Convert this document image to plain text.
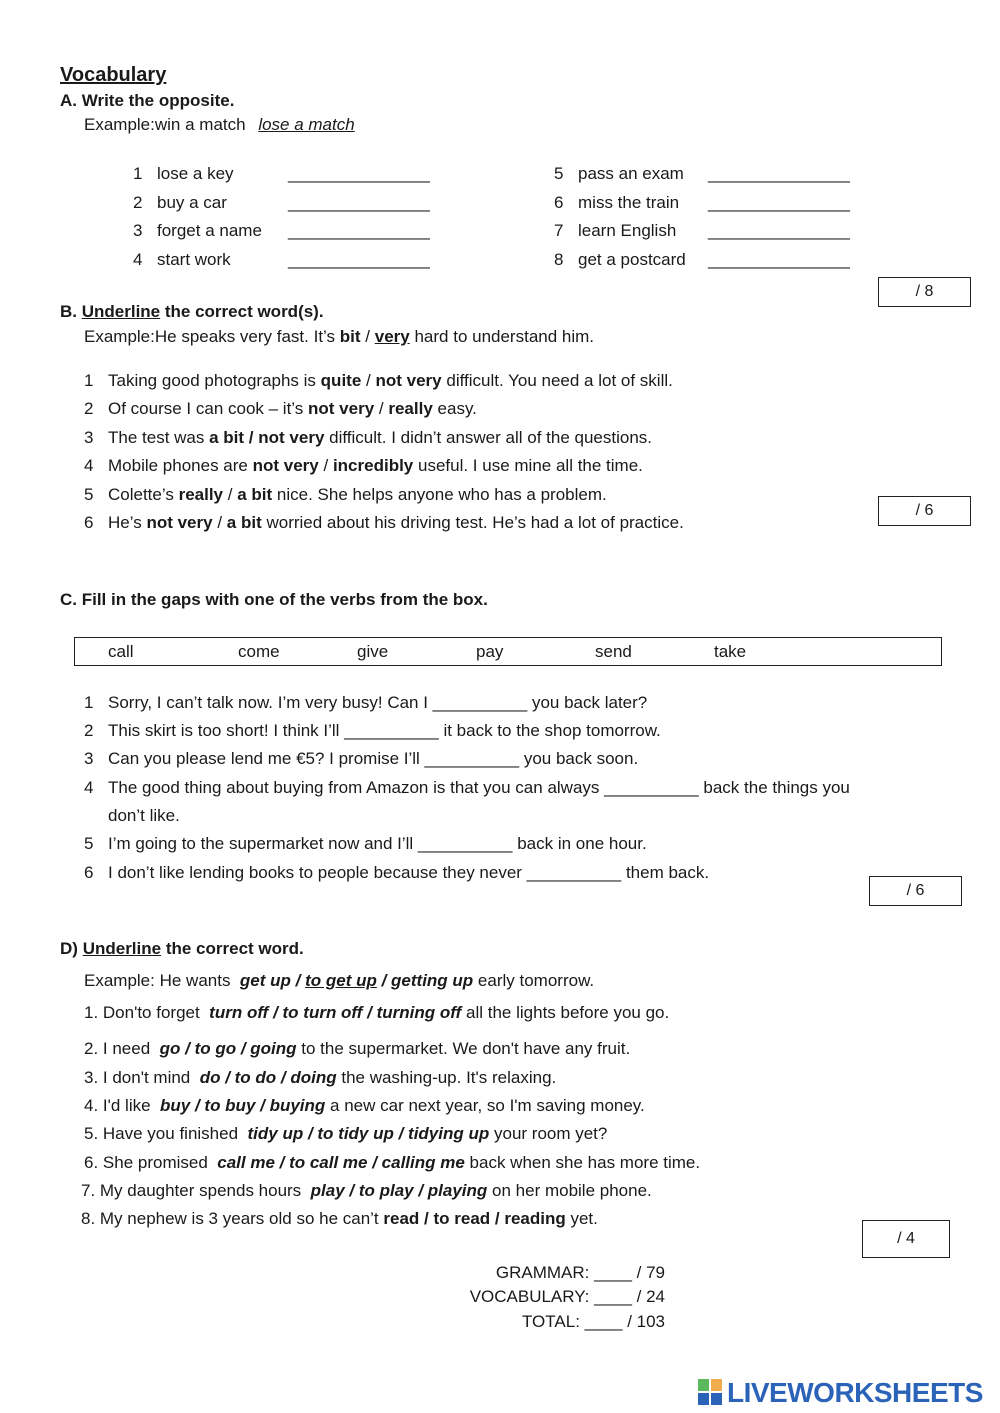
Vocabulary
A. Write the opposite.
Example:win a match lose a match
1 lose a key	_______________
2 buy a car	_______________
3 forget a name _______________
4 start work	_______________
5 pass an exam _______________
6 miss the train _______________
7 learn English _______________
8 get a postcard _______________
/ 8
B. Underline the correct word(s).
Example:He speaks very fast. It’s bit / very hard to understand him.
1 Taking good photographs is quite / not very difficult. You need a lot of skill.
2 Of course I can cook – it’s not very / really easy.
3 The test was a bit / not very difficult. I didn’t answer all of the questions.
4 Mobile phones are not very / incredibly useful. I use mine all the time.
5 Colette’s really / a bit nice. She helps anyone who has a problem.
6 He’s not very / a bit worried about his driving test. He’s had a lot of practice.
/ 6
C. Fill in the gaps with one of the verbs from the box.
call	come	give	pay	send	take
1 Sorry, I can’t talk now. I’m very busy! Can I __________ you back later?
2 This skirt is too short! I think I’ll __________ it back to the shop tomorrow.
3 Can you please lend me €5? I promise I’ll __________ you back soon.
4 The good thing about buying from Amazon is that you can always __________ back the things you
don’t like.
5 I’m going to the supermarket now and I’ll __________ back in one hour.
6 I don’t like lending books to people because they never __________ them back.
/ 6
D) Underline the correct word.
Example: He wants get up / to get up / getting up early tomorrow.
1. Don'to forget turn off / to turn off / turning off all the lights before you go.
2. I need go / to go / going to the supermarket. We don't have any fruit.
3. I don't mind do / to do / doing the washing-up. It's relaxing.
4. I'd like buy / to buy / buying a new car next year, so I'm saving money.
5. Have you finished tidy up / to tidy up / tidying up your room yet?
6. She promised call me / to call me / calling me back when she has more time.
7. My daughter spends hours play / to play / playing on her mobile phone.
8. My nephew is 3 years old so he can’t read / to read / reading yet.
/ 4
GRAMMAR: ____ / 79
VOCABULARY: ____ / 24
TOTAL: ____ / 103
LIVEWORKSHEETS
